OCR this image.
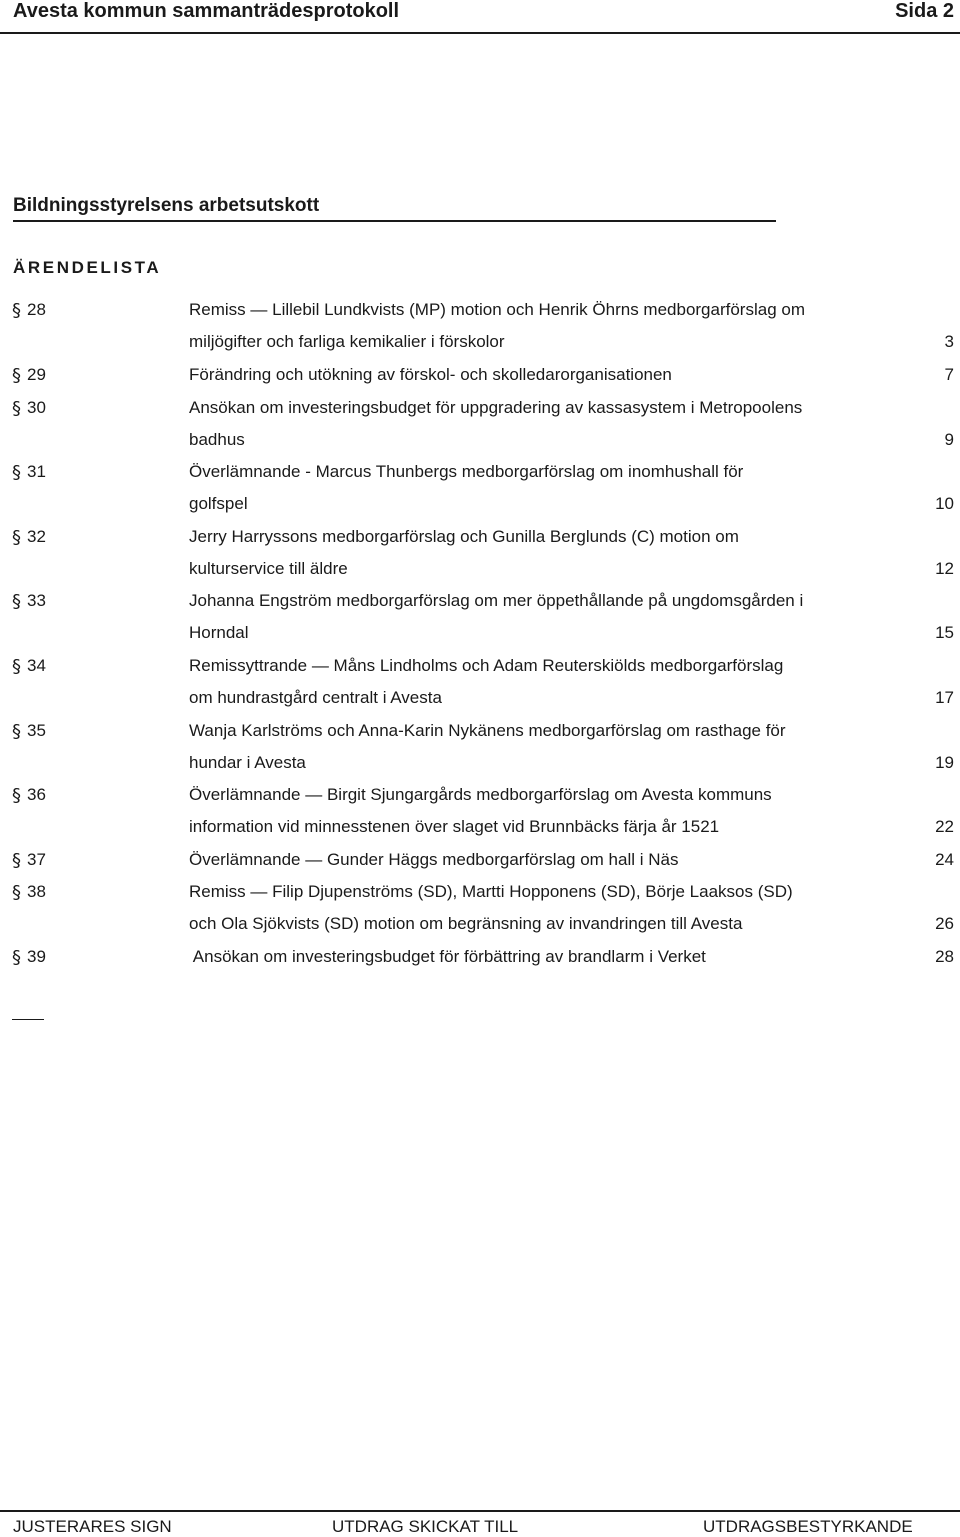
Avesta kommun sammanträdesprotokoll	Sida 2
Bildningsstyrelsens arbetsutskott
ÄRENDELISTA
§ 28	Remiss — Lillebil Lundkvists (MP) motion och Henrik Öhrns medborgarförslag om
miljögifter och farliga kemikalier i förskolor	3
§ 29	Förändring och utökning av förskol- och skolledarorganisationen	7
§ 30	Ansökan om investeringsbudget för uppgradering av kassasystem i Metropoolens
badhus	9
§ 31	Överlämnande - Marcus Thunbergs medborgarförslag om inomhushall för
golfspel	10
§ 32	Jerry Harryssons medborgarförslag och Gunilla Berglunds (C) motion om
kulturservice till äldre	12
§ 33	Johanna Engström medborgarförslag om mer öppethållande på ungdomsgården i
Horndal	15
§ 34	Remissyttrande — Måns Lindholms och Adam Reuterskiölds medborgarförslag
om hundrastgård centralt i Avesta	17
§ 35	Wanja Karlströms och Anna-Karin Nykänens medborgarförslag om rasthage för
hundar i Avesta	19
§ 36	Överlämnande — Birgit Sjungargårds medborgarförslag om Avesta kommuns
information vid minnesstenen över slaget vid Brunnbäcks färja år 1521	22
§ 37	Överlämnande — Gunder Häggs medborgarförslag om hall i Näs	24
§ 38	Remiss — Filip Djupenströms (SD), Martti Hopponens (SD), Börje Laaksos (SD)
och Ola Sjökvists (SD) motion om begränsning av invandringen till Avesta	26
§ 39	Ansökan om investeringsbudget för förbättring av brandlarm i Verket	28
JUSTERARES SIGN	UTDRAG SKICKAT TILL	UTDRAGSBESTYRKANDE
